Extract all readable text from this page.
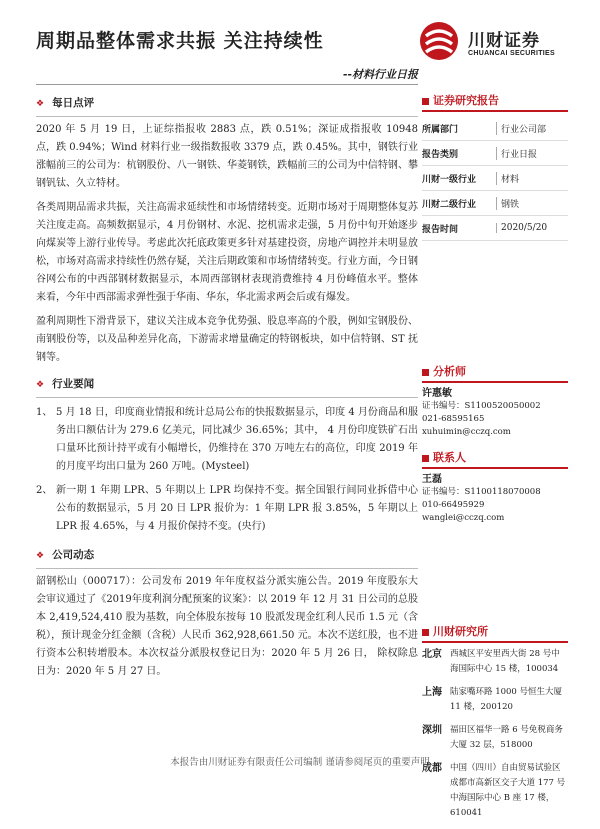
周期品整体需求共振 关注持续性
--材料行业日报
川财证券
CHUANCAI SECURITIES
❖ 每日点评

2020 年 5 月 19 日，上证综指报收 2883 点，跌 0.51%；深证成指报收 10948 点，跌 0.94%；Wind 材料行业一级指数报收 3379 点，跌 0.45%。其中，钢铁行业涨幅前三的公司为：杭钢股份、八一钢铁、华菱钢铁，跌幅前三的公司为中信特钢、攀钢钒钛、久立特材。

各类周期品需求共振，关注高需求延续性和市场情绪转变。近期市场对于周期整体复苏关注度走高。高频数据显示，4 月份钢材、水泥、挖机需求走强，5 月份中旬开始逐步向煤炭等上游行业传导。考虑此次托底政策更多针对基建投资，房地产调控并未明显放松，市场对高需求持续性仍然存疑，关注后期政策和市场情绪转变。行业方面，今日钢谷网公布的中西部钢材数据显示，本周西部钢材表现消费维持 4 月份峰值水平。整体来看，今年中西部需求弹性强于华南、华东，华北需求两会后或有爆发。

盈利周期性下滑背景下，建议关注成本竞争优势强、股息率高的个股，例如宝钢股份、南钢股份等，以及品种差异化高，下游需求增量确定的特钢板块，如中信特钢、ST 抚钢等。

❖ 行业要闻
1、 5 月 18 日，印度商业情报和统计总局公布的快报数据显示，印度 4 月份商品和服务出口额估计为 279.6 亿美元，同比减少 36.65%；其中， 4 月份印度铁矿石出口量环比预计持平或有小幅增长，仍维持在 370 万吨左右的高位，印度 2019 年的月度平均出口量为 260 万吨。(Mysteel)
2、 新一期 1 年期 LPR、5 年期以上 LPR 均保持不变。据全国银行间同业拆借中心公布的数据显示，5 月 20 日 LPR 报价为：1 年期 LPR 报 3.85%，5 年期以上 LPR 报 4.65%，与 4 月报价保持不变。(央行)
❖ 公司动态

韶钢松山（000717）：公司发布 2019 年年度权益分派实施公告。2019 年度股东大会审议通过了《2019年度利润分配预案的议案》：以 2019 年 12 月 31 日公司的总股本 2,419,524,410 股为基数，向全体股东按每 10 股派发现金红利人民币 1.5 元（含税），预计现金分红金额（含税）人民币 362,928,661.50 元。本次不送红股，也不进行资本公积转增股本。本次权益分派股权登记日为：2020 年 5 月 26 日， 除权除息日为：2020 年 5 月 27 日。

证券研究报告
所属部门	行业公司部
报告类别	行业日报
川财一级行业	材料
川财二级行业	钢铁
报告时间	2020/5/20
分析师
许惠敏
证书编号：S1100520050002
021-68595165
xuhuimin@cczq.com
联系人
王磊
证书编号：S1100118070008
010-66495929
wanglei@cczq.com
川财研究所
北京 西城区平安里西大街 28 号中海国际中心 15 楼，100034
上海 陆家嘴环路 1000 号恒生大厦 11 楼，200120
深圳 福田区福华一路 6 号免税商务大厦 32 层，518000
成都 中国（四川）自由贸易试验区成都市高新区交子大道 177 号中海国际中心 B 座 17 楼，610041
本报告由川财证券有限责任公司编制 谨请参阅尾页的重要声明
